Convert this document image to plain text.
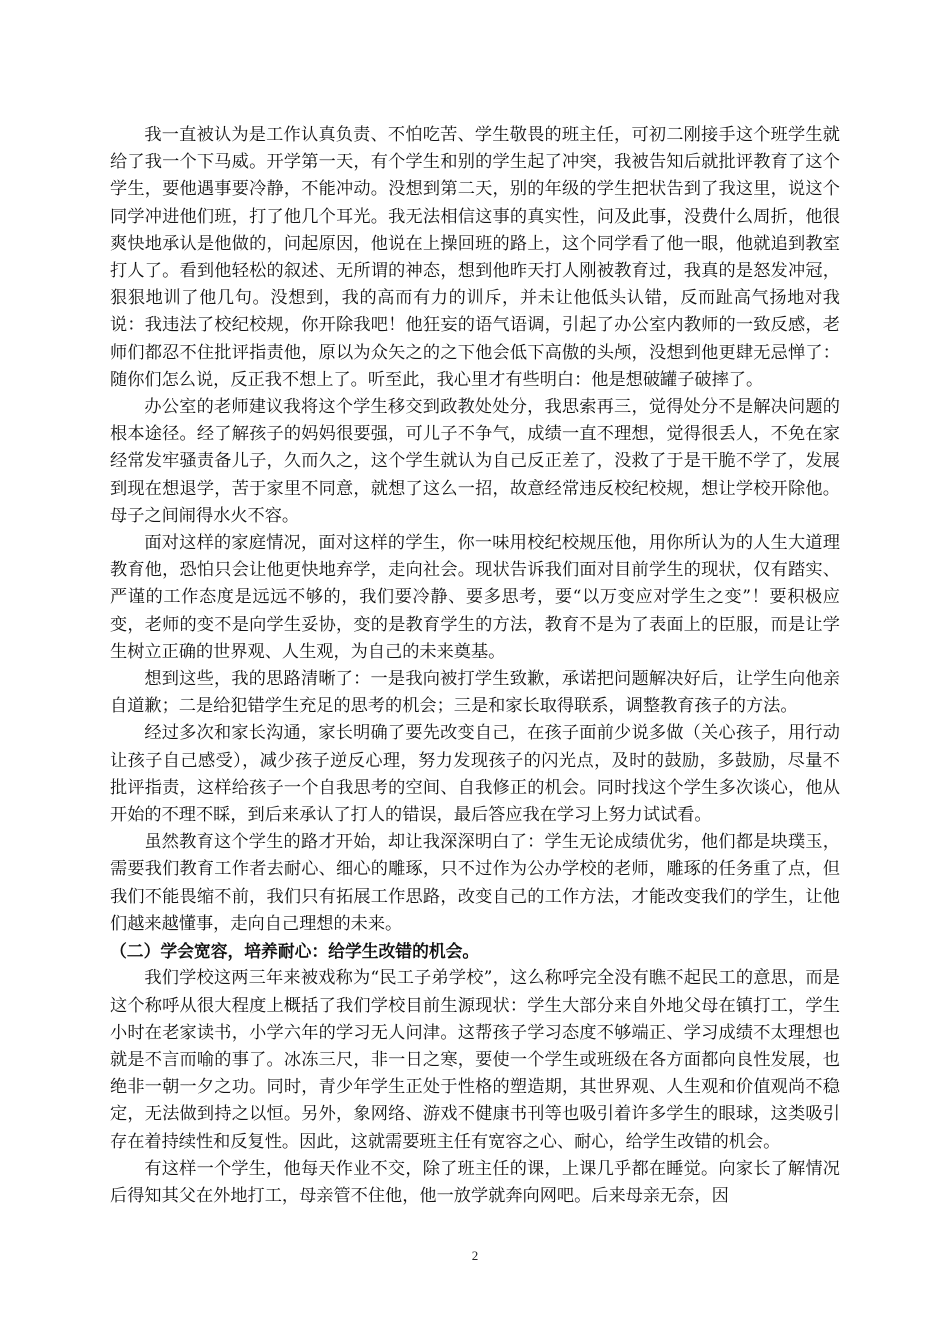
我一直被认为是工作认真负责、不怕吃苦、学生敬畏的班主任，可初二刚接手这个班学生就给了我一个下马威。开学第一天，有个学生和别的学生起了冲突，我被告知后就批评教育了这个学生，要他遇事要冷静，不能冲动。没想到第二天，别的年级的学生把状告到了我这里，说这个同学冲进他们班，打了他几个耳光。我无法相信这事的真实性，问及此事，没费什么周折，他很爽快地承认是他做的，问起原因，他说在上操回班的路上，这个同学看了他一眼，他就追到教室打人了。看到他轻松的叙述、无所谓的神态，想到他昨天打人刚被教育过，我真的是怒发冲冠，狠狠地训了他几句。没想到，我的高而有力的训斥，并未让他低头认错，反而趾高气扬地对我说：我违法了校纪校规，你开除我吧！他狂妄的语气语调，引起了办公室内教师的一致反感，老师们都忍不住批评指责他，原以为众矢之的之下他会低下高傲的头颅，没想到他更肆无忌惮了：随你们怎么说，反正我不想上了。听至此，我心里才有些明白：他是想破罐子破摔了。

办公室的老师建议我将这个学生移交到政教处处分，我思索再三，觉得处分不是解决问题的根本途径。经了解孩子的妈妈很要强，可儿子不争气，成绩一直不理想，觉得很丢人，不免在家经常发牢骚责备儿子，久而久之，这个学生就认为自己反正差了，没救了于是干脆不学了，发展到现在想退学，苦于家里不同意，就想了这么一招，故意经常违反校纪校规，想让学校开除他。母子之间闹得水火不容。

面对这样的家庭情况，面对这样的学生，你一味用校纪校规压他，用你所认为的人生大道理教育他，恐怕只会让他更快地弃学，走向社会。现状告诉我们面对目前学生的现状，仅有踏实、严谨的工作态度是远远不够的，我们要冷静、要多思考，要“以万变应对学生之变”！要积极应变，老师的变不是向学生妥协，变的是教育学生的方法，教育不是为了表面上的臣服，而是让学生树立正确的世界观、人生观，为自己的未来奠基。

想到这些，我的思路清晰了：一是我向被打学生致歉，承诺把问题解决好后，让学生向他亲自道歉；二是给犯错学生充足的思考的机会；三是和家长取得联系，调整教育孩子的方法。

经过多次和家长沟通，家长明确了要先改变自己，在孩子面前少说多做（关心孩子，用行动让孩子自己感受），减少孩子逆反心理，努力发现孩子的闪光点，及时的鼓励，多鼓励，尽量不批评指责，这样给孩子一个自我思考的空间、自我修正的机会。同时找这个学生多次谈心，他从开始的不理不睬，到后来承认了打人的错误，最后答应我在学习上努力试试看。

虽然教育这个学生的路才开始，却让我深深明白了：学生无论成绩优劣，他们都是块璞玉，需要我们教育工作者去耐心、细心的雕琢，只不过作为公办学校的老师，雕琢的任务重了点，但我们不能畏缩不前，我们只有拓展工作思路，改变自己的工作方法，才能改变我们的学生，让他们越来越懂事，走向自己理想的未来。

（二）学会宽容，培养耐心：给学生改错的机会。

我们学校这两三年来被戏称为“民工子弟学校”，这么称呼完全没有瞧不起民工的意思，而是这个称呼从很大程度上概括了我们学校目前生源现状：学生大部分来自外地父母在镇打工，学生小时在老家读书，小学六年的学习无人问津。这帮孩子学习态度不够端正、学习成绩不太理想也就是不言而喻的事了。冰冻三尺，非一日之寒，要使一个学生或班级在各方面都向良性发展，也绝非一朝一夕之功。同时，青少年学生正处于性格的塑造期，其世界观、人生观和价值观尚不稳定，无法做到持之以恒。另外，象网络、游戏不健康书刊等也吸引着许多学生的眼球，这类吸引存在着持续性和反复性。因此，这就需要班主任有宽容之心、耐心，给学生改错的机会。

有这样一个学生，他每天作业不交，除了班主任的课，上课几乎都在睡觉。向家长了解情况后得知其父在外地打工，母亲管不住他，他一放学就奔向网吧。后来母亲无奈，因

2
